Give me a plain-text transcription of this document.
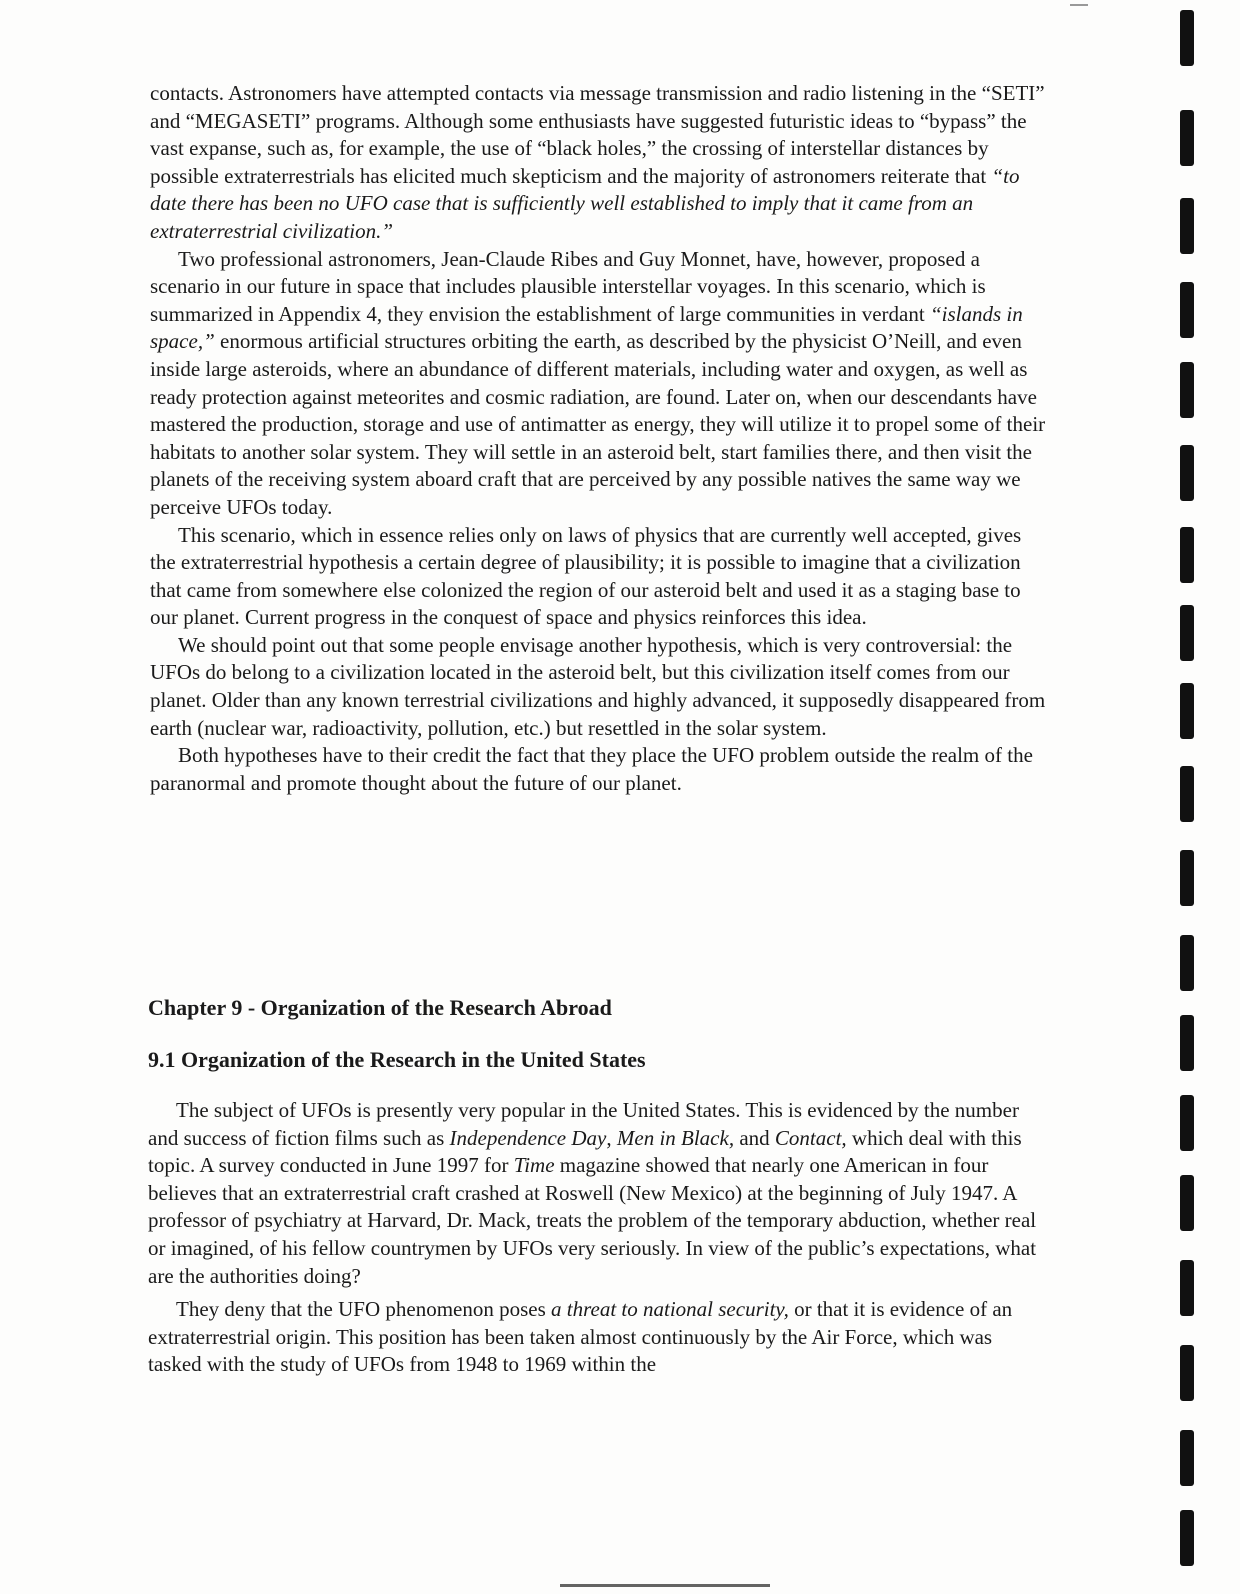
contacts. Astronomers have attempted contacts via message transmission and radio listening in the “SETI” and “MEGASETI” programs. Although some enthusiasts have suggested futuristic ideas to “bypass” the vast expanse, such as, for example, the use of “black holes,” the crossing of interstellar distances by possible extraterrestrials has elicited much skepticism and the majority of astronomers reiterate that “to date there has been no UFO case that is sufficiently well established to imply that it came from an extraterrestrial civilization.”

Two professional astronomers, Jean-Claude Ribes and Guy Monnet, have, however, proposed a scenario in our future in space that includes plausible interstellar voyages. In this scenario, which is summarized in Appendix 4, they envision the establishment of large communities in verdant “islands in space,” enormous artificial structures orbiting the earth, as described by the physicist O’Neill, and even inside large asteroids, where an abundance of different materials, including water and oxygen, as well as ready protection against meteorites and cosmic radiation, are found. Later on, when our descendants have mastered the production, storage and use of antimatter as energy, they will utilize it to propel some of their habitats to another solar system. They will settle in an asteroid belt, start families there, and then visit the planets of the receiving system aboard craft that are perceived by any possible natives the same way we perceive UFOs today.

This scenario, which in essence relies only on laws of physics that are currently well accepted, gives the extraterrestrial hypothesis a certain degree of plausibility; it is possible to imagine that a civilization that came from somewhere else colonized the region of our asteroid belt and used it as a staging base to our planet. Current progress in the conquest of space and physics reinforces this idea.

We should point out that some people envisage another hypothesis, which is very controversial: the UFOs do belong to a civilization located in the asteroid belt, but this civilization itself comes from our planet. Older than any known terrestrial civilizations and highly advanced, it supposedly disappeared from earth (nuclear war, radioactivity, pollution, etc.) but resettled in the solar system.

Both hypotheses have to their credit the fact that they place the UFO problem outside the realm of the paranormal and promote thought about the future of our planet.

Chapter 9 - Organization of the Research Abroad
9.1 Organization of the Research in the United States

The subject of UFOs is presently very popular in the United States. This is evidenced by the number and success of fiction films such as Independence Day, Men in Black, and Contact, which deal with this topic. A survey conducted in June 1997 for Time magazine showed that nearly one American in four believes that an extraterrestrial craft crashed at Roswell (New Mexico) at the beginning of July 1947. A professor of psychiatry at Harvard, Dr. Mack, treats the problem of the temporary abduction, whether real or imagined, of his fellow countrymen by UFOs very seriously. In view of the public’s expectations, what are the authorities doing?

They deny that the UFO phenomenon poses a threat to national security, or that it is evidence of an extraterrestrial origin. This position has been taken almost continuously by the Air Force, which was tasked with the study of UFOs from 1948 to 1969 within the
